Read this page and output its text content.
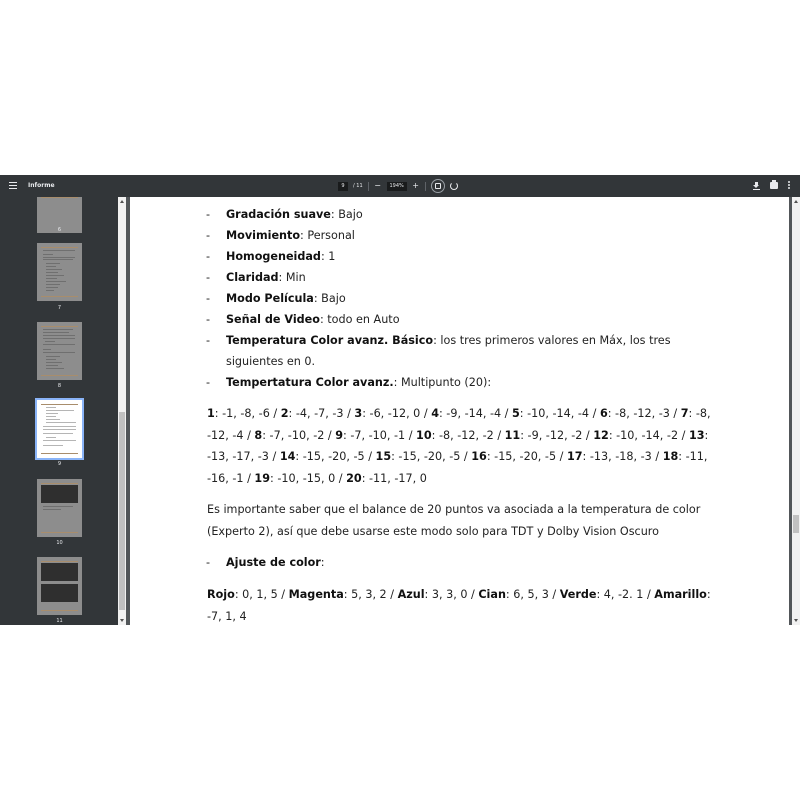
Informe	9	/ 11 −	194%	+
6
7
8
9
10
11
- Gradación suave: Bajo
- Movimiento: Personal
- Homogeneidad: 1
- Claridad: Min
- Modo Película: Bajo
- Señal de Video: todo en Auto
- Temperatura Color avanz. Básico: los tres primeros valores en Máx, los tres
siguientes en 0.
- Tempertatura Color avanz.: Multipunto (20):
1: -1, -8, -6 / 2: -4, -7, -3 / 3: -6, -12, 0 / 4: -9, -14, -4 / 5: -10, -14, -4 / 6: -8, -12, -3 / 7: -8, -12, -4 / 8: -7, -10, -2 / 9: -7, -10, -1 / 10: -8, -12, -2 / 11: -9, -12, -2 / 12: -10, -14, -2 / 13: -13, -17, -3 / 14: -15, -20, -5 / 15: -15, -20, -5 / 16: -15, -20, -5 / 17: -13, -18, -3 / 18: -11, -16, -1 / 19: -10, -15, 0 / 20: -11, -17, 0
Es importante saber que el balance de 20 puntos va asociada a la temperatura de color
(Experto 2), así que debe usarse este modo solo para TDT y Dolby Vision Oscuro
- Ajuste de color:
Rojo: 0, 1, 5 / Magenta: 5, 3, 2 / Azul: 3, 3, 0 / Cian: 6, 5, 3 / Verde: 4, -2. 1 / Amarillo: -7, 1, 4
